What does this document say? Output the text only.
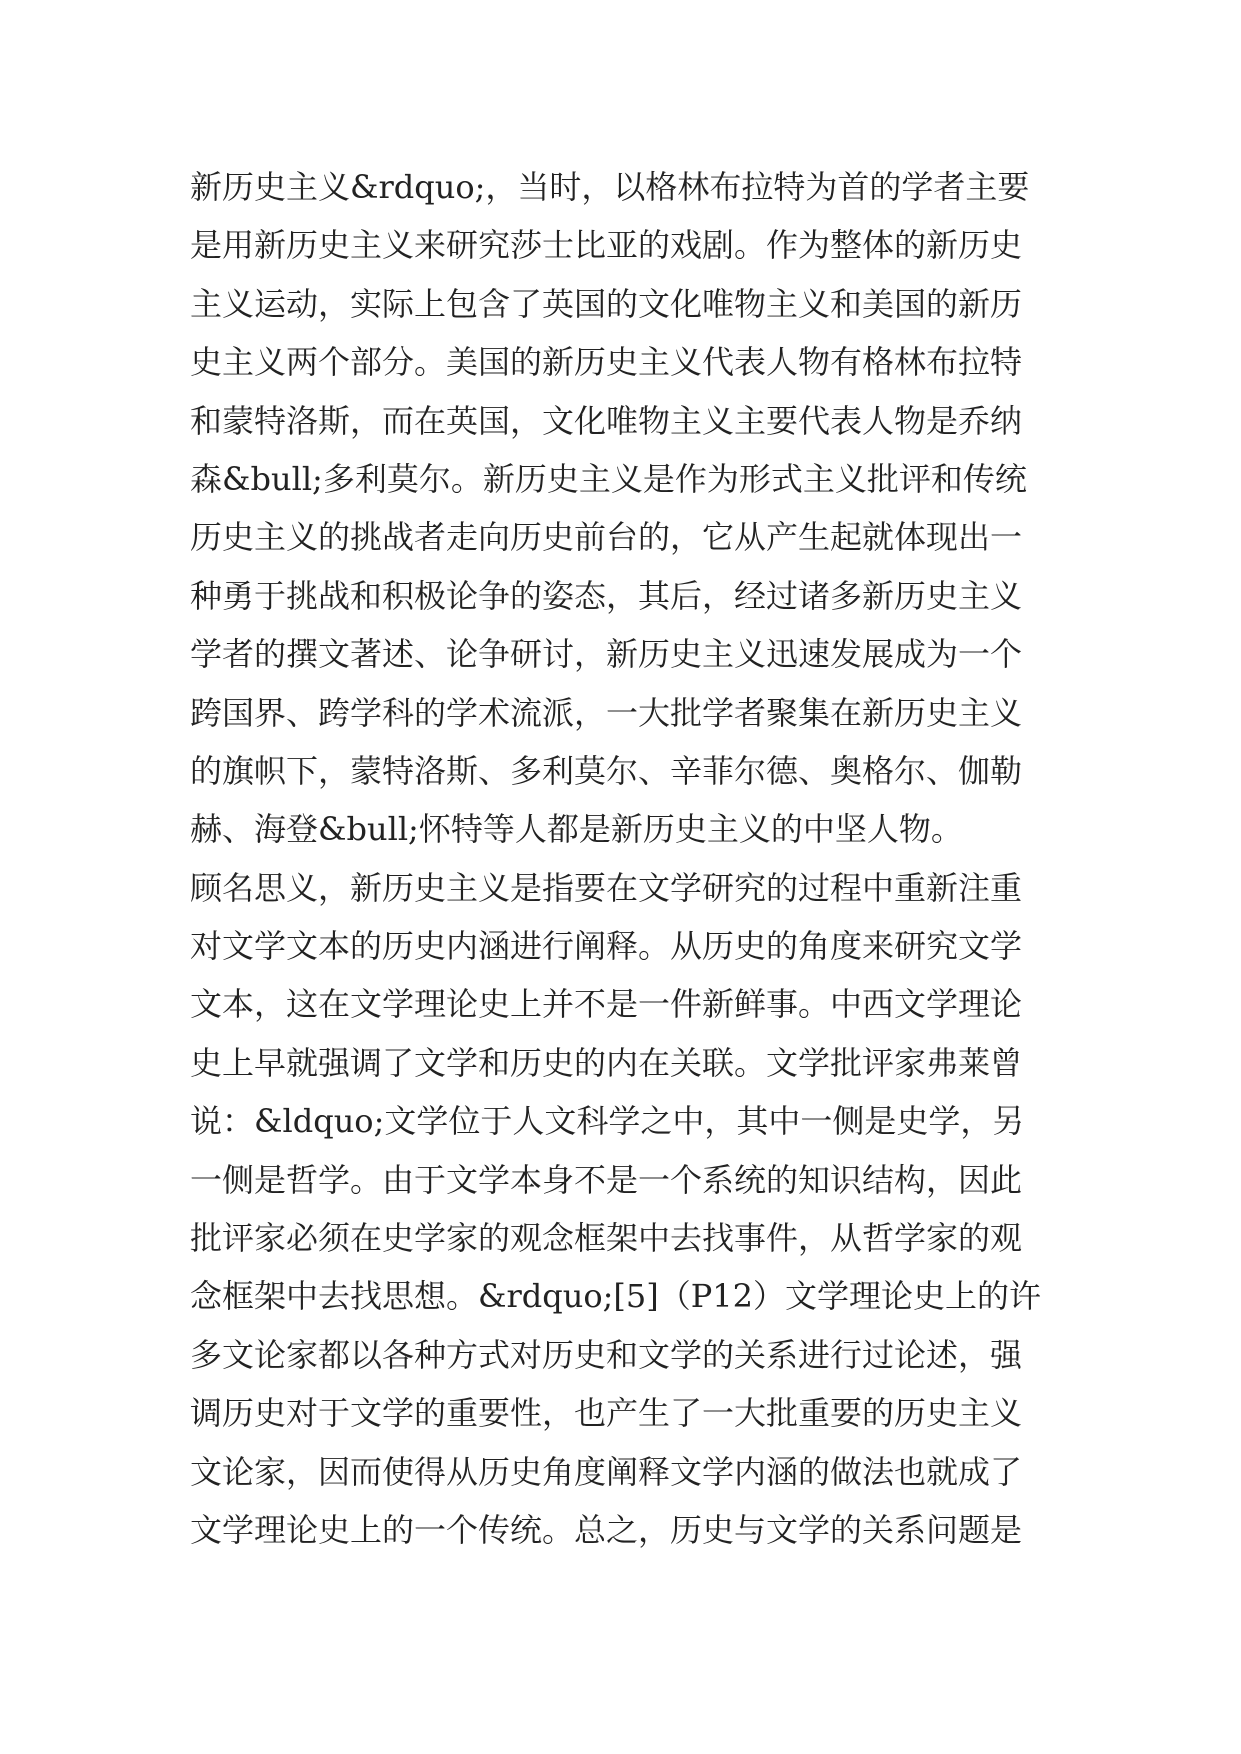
新历史主义&rdquo;，当时，以格林布拉特为首的学者主要
是用新历史主义来研究莎士比亚的戏剧。作为整体的新历史
主义运动，实际上包含了英国的文化唯物主义和美国的新历
史主义两个部分。美国的新历史主义代表人物有格林布拉特
和蒙特洛斯，而在英国，文化唯物主义主要代表人物是乔纳
森&bull;多利莫尔。新历史主义是作为形式主义批评和传统
历史主义的挑战者走向历史前台的，它从产生起就体现出一
种勇于挑战和积极论争的姿态，其后，经过诸多新历史主义
学者的撰文著述、论争研讨，新历史主义迅速发展成为一个
跨国界、跨学科的学术流派，一大批学者聚集在新历史主义
的旗帜下，蒙特洛斯、多利莫尔、辛菲尔德、奥格尔、伽勒
赫、海登&bull;怀特等人都是新历史主义的中坚人物。
顾名思义，新历史主义是指要在文学研究的过程中重新注重
对文学文本的历史内涵进行阐释。从历史的角度来研究文学
文本，这在文学理论史上并不是一件新鲜事。中西文学理论
史上早就强调了文学和历史的内在关联。文学批评家弗莱曾
说：&ldquo;文学位于人文科学之中，其中一侧是史学，另
一侧是哲学。由于文学本身不是一个系统的知识结构，因此
批评家必须在史学家的观念框架中去找事件，从哲学家的观
念框架中去找思想。&rdquo;[5]（P12）文学理论史上的许
多文论家都以各种方式对历史和文学的关系进行过论述，强
调历史对于文学的重要性，也产生了一大批重要的历史主义
文论家，因而使得从历史角度阐释文学内涵的做法也就成了
文学理论史上的一个传统。总之，历史与文学的关系问题是
